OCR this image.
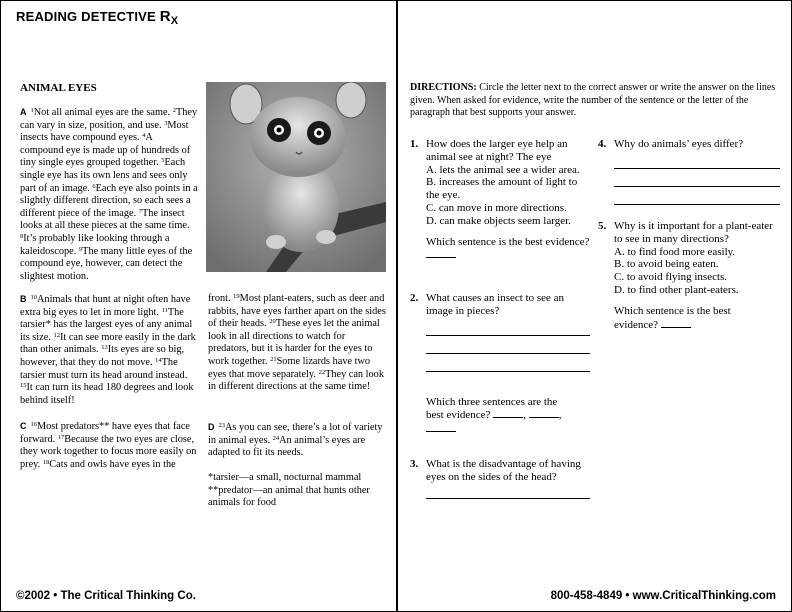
READING DETECTIVE $R_X$
ANIMAL EYES
A $^1$Not all animal eyes are the same. $^2$They can vary in size, position, and use. $^3$Most insects have compound eyes. $^4$A compound eye is made up of hundreds of tiny single eyes grouped together. $^5$Each single eye has its own lens and sees only part of an image. $^6$Each eye also points in a slightly different direction, so each sees a different piece of the image. $^7$The insect looks at all these pieces at the same time. $^8$It’s probably like looking through a kaleidoscope. $^9$The many little eyes of the compound eye, however, can detect the slightest motion.
B $^{10}$Animals that hunt at night often have extra big eyes to let in more light. $^{11}$The tarsier* has the largest eyes of any animal its size. $^{12}$It can see more easily in the dark than other animals. $^{13}$Its eyes are so big, however, that they do not move. $^{14}$The tarsier must turn its head around instead. $^{15}$It can turn its head 180 degrees and look behind itself!
front. $^{19}$Most plant-eaters, such as deer and rabbits, have eyes farther apart on the sides of their heads. $^{20}$These eyes let the animal look in all directions to watch for predators, but it is harder for the eyes to work together. $^{21}$Some lizards have two eyes that move separately. $^{22}$They can look in different directions at the same time!
C $^{16}$Most predators** have eyes that face forward. $^{17}$Because the two eyes are close, they work together to focus more easily on prey. $^{18}$Cats and owls have eyes in the
D $^{23}$As you can see, there’s a lot of variety in animal eyes. $^{24}$An animal’s eyes are adapted to fit its needs.
*tarsier—a small, nocturnal mammal
**predator—an animal that hunts other animals for food
DIRECTIONS: Circle the letter next to the correct answer or write the answer on the lines given. When asked for evidence, write the number of the sentence or the letter of the paragraph that best supports your answer.
1. How does the larger eye help an animal see at night? The eye
A. lets the animal see a wider area.
B. increases the amount of light to the eye.
C. can move in more directions.
D. can make objects seem larger.
Which sentence is the best evidence?
2. What causes an insect to see an image in pieces?
Which three sentences are the
best evidence?	,	,
3. What is the disadvantage of having eyes on the sides of the head?
4. Why do animals’ eyes differ?
5. Why is it important for a plant-eater to see in many directions?
A. to find food more easily.
B. to avoid being eaten.
C. to avoid flying insects.
D. to find other plant-eaters.
Which sentence is the best evidence?
©2002 • The Critical Thinking Co.	800-458-4849 • www.CriticalThinking.com
